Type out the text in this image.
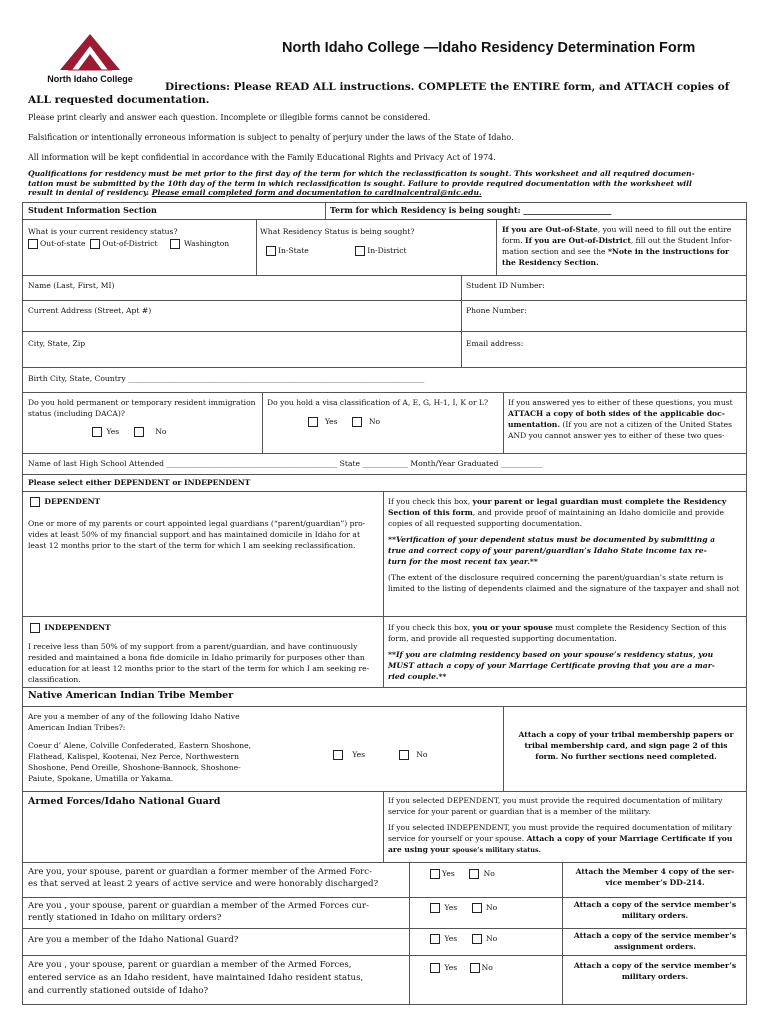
North Idaho College
North Idaho College —Idaho Residency Determination Form
Directions: Please READ ALL instructions. COMPLETE the ENTIRE form, and ATTACH copies of
ALL requested documentation.
Please print clearly and answer each question. Incomplete or illegible forms cannot be considered.
Falsification or intentionally erroneous information is subject to penalty of perjury under the laws of the State of Idaho.
All information will be kept confidential in accordance with the Family Educational Rights and Privacy Act of 1974.
Qualifications for residency must be met prior to the first day of the term for which the reclassification is sought. This worksheet and all required documen-
tation must be submitted by the 10th day of the term in which reclassification is sought. Failure to provide required documentation with the worksheet will
result in denial of residency. Please email completed form and documentation to cardinalcentral@nic.edu.
Student Information Section	Term for which Residency is being sought: ______________________
What is your current residency status?
Out-of-state Out-of-District	Washington
What Residency Status is being sought?
In-State	In-District
If you are Out-of-State, you will need to fill out the entire
form. If you are Out-of-District, fill out the Student Infor-
mation section and see the *Note in the instructions for
the Residency Section.
Name (Last, First, MI)	Student ID Number:
Current Address (Street, Apt #)	Phone Number:
City, State, Zip	Email address:
Birth City, State, Country ______________________________________________________________________________
Do you hold permanent or temporary resident immigration
status (including DACA)?
Yes	No
Do you hold a visa classification of A, E, G, H-1, I, K or L?
Yes	No
If you answered yes to either of these questions, you must
ATTACH a copy of both sides of the applicable doc-
umentation. (If you are not a citizen of the United States
AND you cannot answer yes to either of these two ques-
Name of last High School Attended _____________________________________________ State ____________ Month/Year Graduated ___________
Please select either DEPENDENT or INDEPENDENT
DEPENDENT
One or more of my parents or court appointed legal guardians (“parent/guardian”) pro-
vides at least 50% of my financial support and has maintained domicile in Idaho for at
least 12 months prior to the start of the term for which I am seeking reclassification.
If you check this box, your parent or legal guardian must complete the Residency
Section of this form, and provide proof of maintaining an Idaho domicile and provide
copies of all requested supporting documentation.
**Verification of your dependent status must be documented by submitting a
true and correct copy of your parent/guardian’s Idaho State income tax re-
turn for the most recent tax year.**
(The extent of the disclosure required concerning the parent/guardian’s state return is
limited to the listing of dependents claimed and the signature of the taxpayer and shall not
INDEPENDENT
I receive less than 50% of my support from a parent/guardian, and have continuously
resided and maintained a bona fide domicile in Idaho primarily for purposes other than
education for at least 12 months prior to the start of the term for which I am seeking re-
classification.
If you check this box, you or your spouse must complete the Residency Section of this
form, and provide all requested supporting documentation.
**If you are claiming residency based on your spouse’s residency status, you
MUST attach a copy of your Marriage Certificate proving that you are a mar-
ried couple.**
Native American Indian Tribe Member
Are you a member of any of the following Idaho Native
American Indian Tribes?:
Coeur d’ Alene, Colville Confederated, Eastern Shoshone,
Flathead, Kalispel, Kootenai, Nez Perce, Northwestern
Shoshone, Pend Oreille, Shoshone-Bannock, Shoshone-
Paiute, Spokane, Umatilla or Yakama.
Yes	No
Attach a copy of your tribal membership papers or
tribal membership card, and sign page 2 of this
form. No further sections need completed.
Armed Forces/Idaho National Guard	If you selected DEPENDENT, you must provide the required documentation of military
service for your parent or guardian that is a member of the military.
If you selected INDEPENDENT, you must provide the required documentation of military
service for yourself or your spouse. Attach a copy of your Marriage Certificate if you
are using your spouse’s military status.
Are you, your spouse, parent or guardian a former member of the Armed Forc-
es that served at least 2 years of active service and were honorably discharged?
Yes	No	Attach the Member 4 copy of the ser-
vice member’s DD-214.
Are you , your spouse, parent or guardian a member of the Armed Forces cur-
rently stationed in Idaho on military orders?
Yes	No	Attach a copy of the service member’s
military orders.
Are you a member of the Idaho National Guard?	Yes	No	Attach a copy of the service member’s
assignment orders.
Are you , your spouse, parent or guardian a member of the Armed Forces,
entered service as an Idaho resident, have maintained Idaho resident status,
and currently stationed outside of Idaho?
Yes	No	Attach a copy of the service member’s
military orders.
